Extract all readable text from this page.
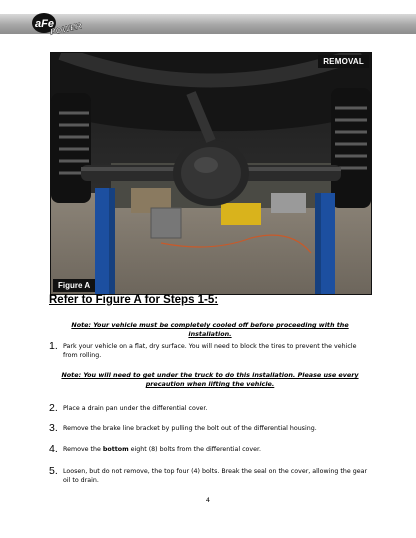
aFe
POWER
REMOVAL
Figure A
Refer to Figure A for Steps 1-5:
Note: Your vehicle must be completely cooled off before proceeding with the installation.
1. Park your vehicle on a flat, dry surface. You will need to block the tires to prevent the vehicle from rolling.
Note: You will need to get under the truck to do this installation. Please use every precaution when lifting the vehicle.
2. Place a drain pan under the differential cover.
3. Remove the brake line bracket by pulling the bolt out of the differential housing.
4. Remove the bottom eight (8) bolts from the differential cover.
5. Loosen, but do not remove, the top four (4) bolts. Break the seal on the cover, allowing the gear oil to drain.
4
